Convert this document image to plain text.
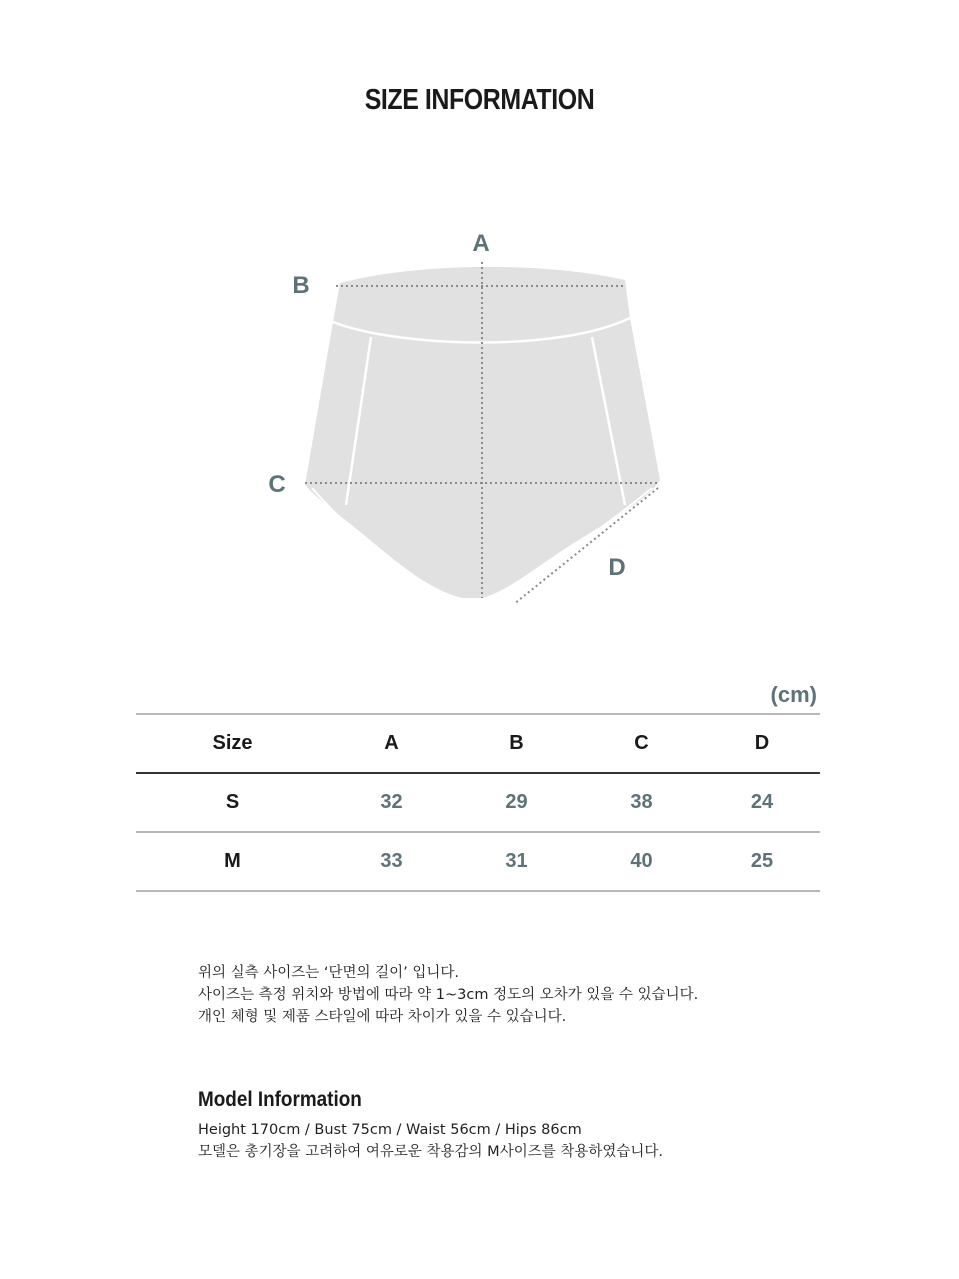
SIZE INFORMATION
A
B
C
D
(cm)
Size	A	B	C	D
S	32	29	38	24
M	33	31	40	25
위의 실측 사이즈는 ‘단면의 길이’ 입니다.
사이즈는 측정 위치와 방법에 따라 약 1~3cm 정도의 오차가 있을 수 있습니다.
개인 체형 및 제품 스타일에 따라 차이가 있을 수 있습니다.
Model Information
Height 170cm / Bust 75cm / Waist 56cm / Hips 86cm
모델은 총기장을 고려하여 여유로운 착용감의 M사이즈를 착용하였습니다.
